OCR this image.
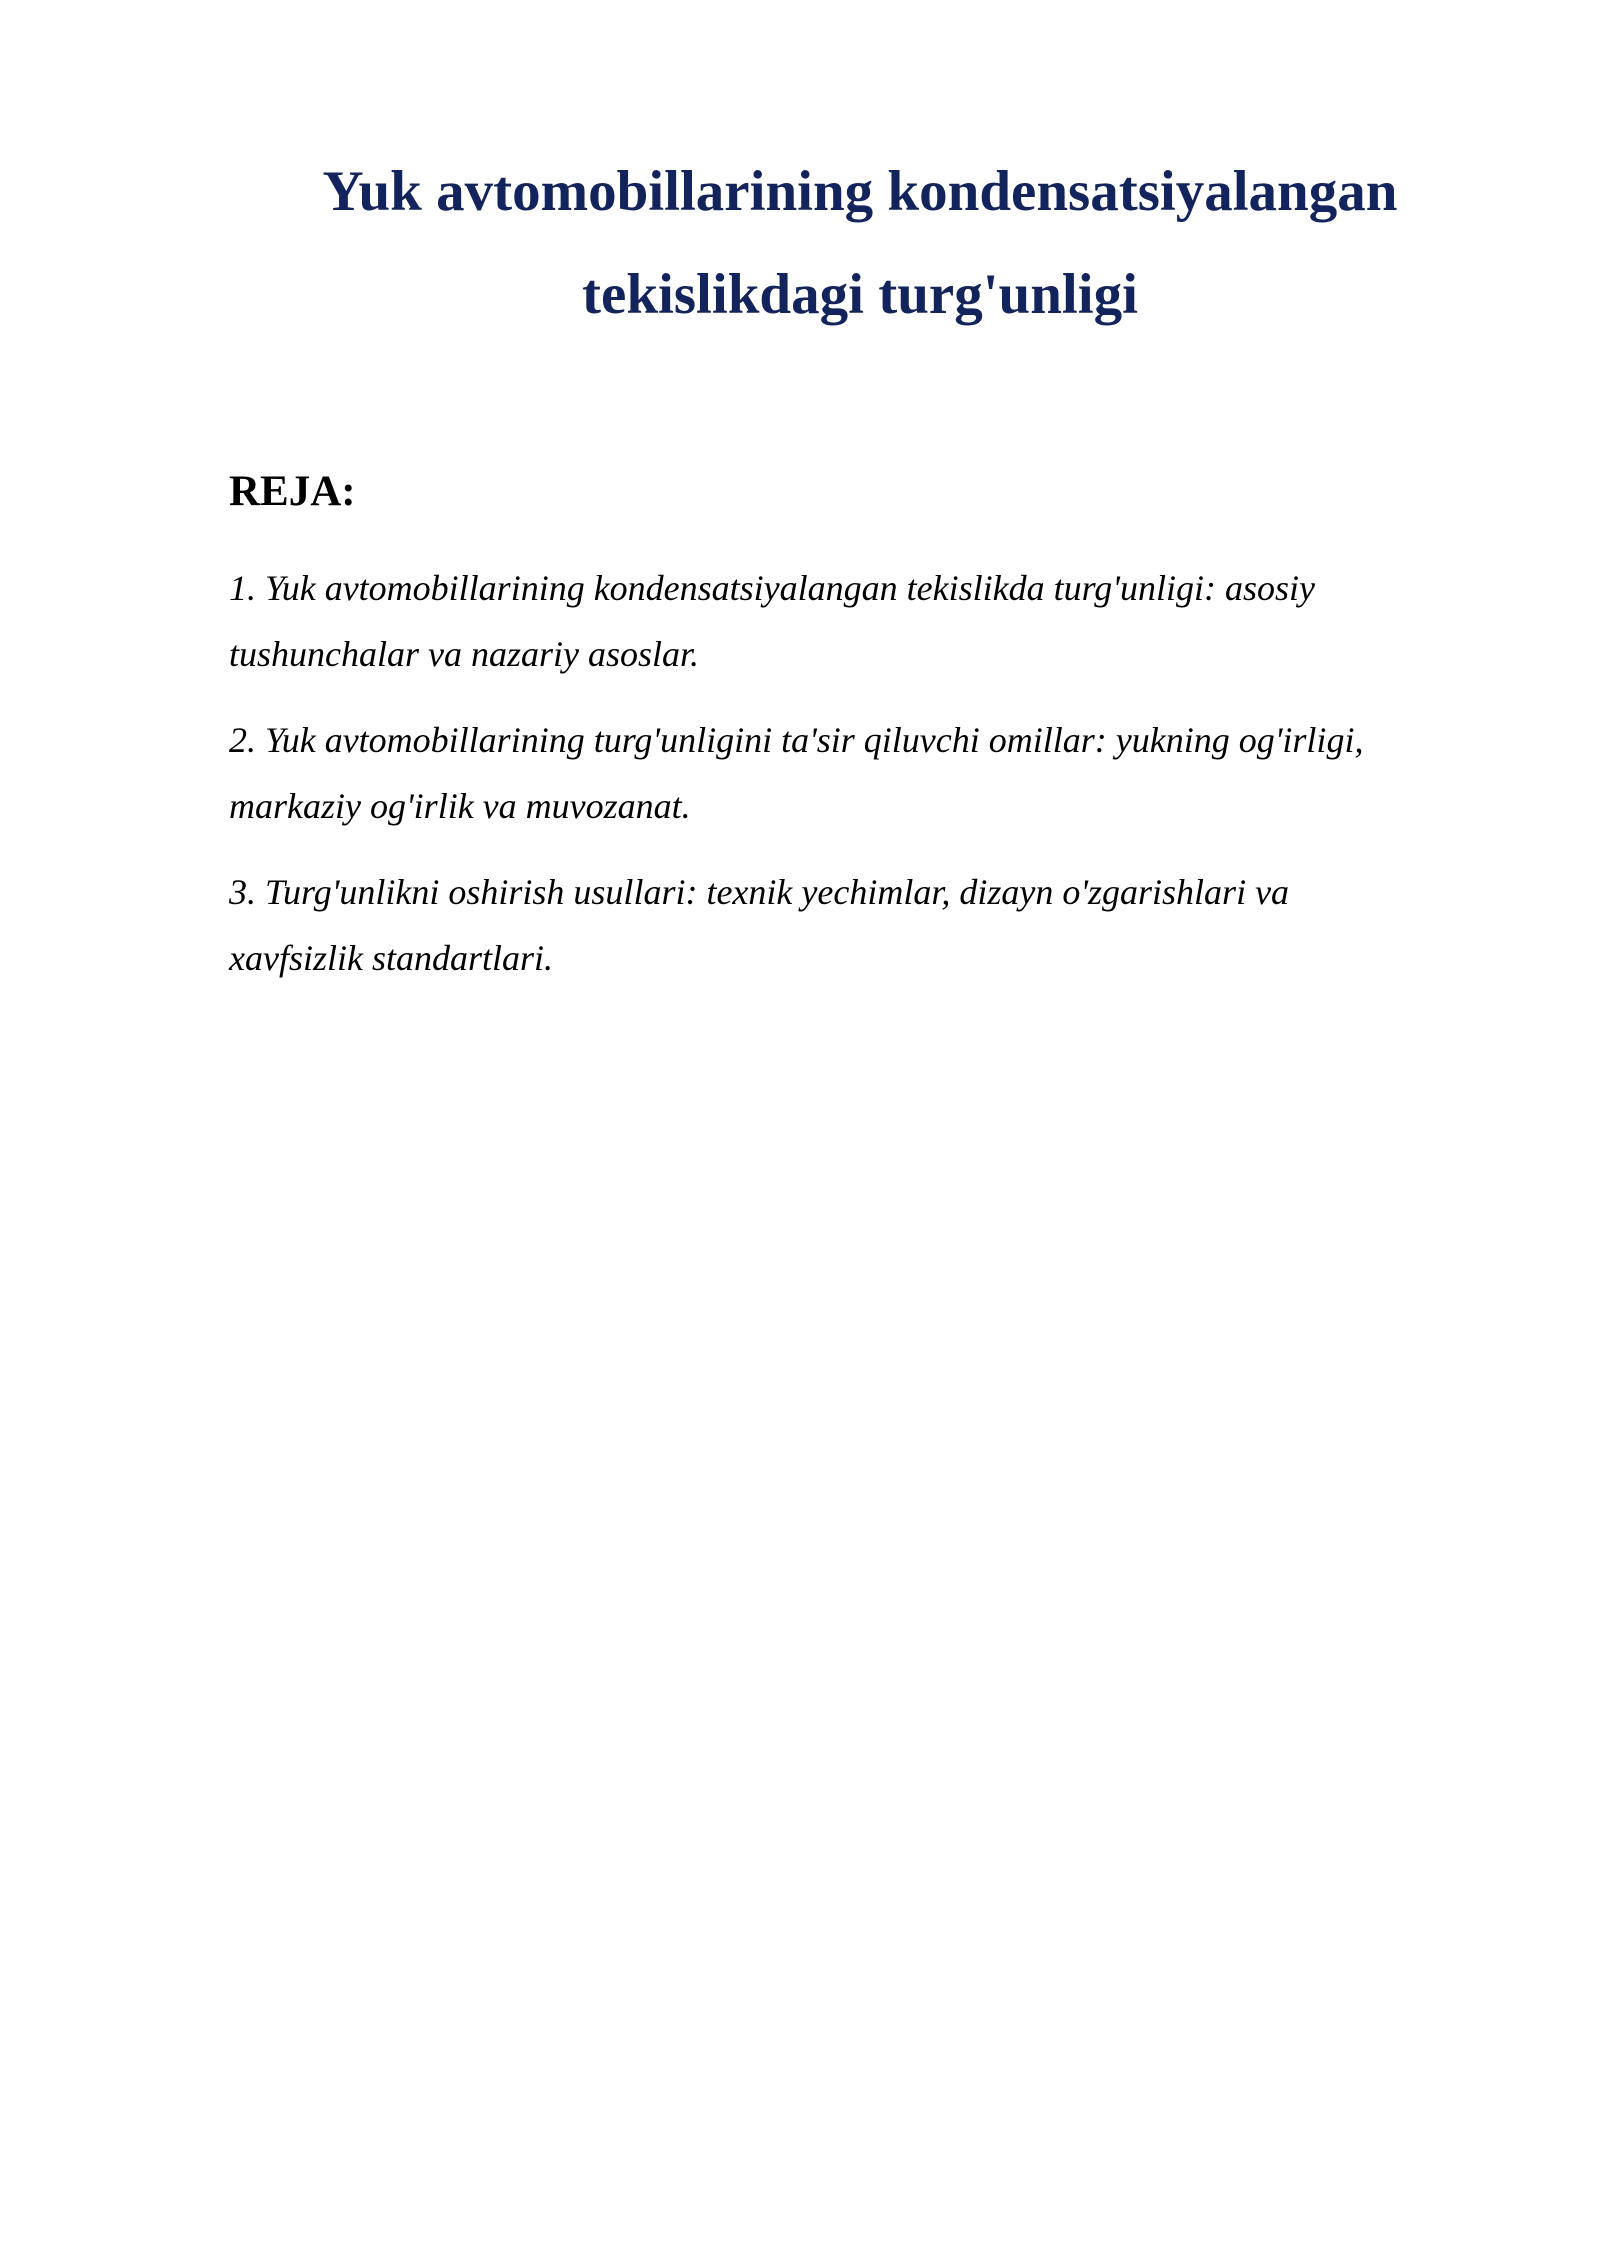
Yuk avtomobillarining kondensatsiyalangan tekislikdagi turg'unligi
REJA:
1. Yuk avtomobillarining kondensatsiyalangan tekislikda turg'unligi: asosiy tushunchalar va nazariy asoslar.
2. Yuk avtomobillarining turg'unligini ta'sir qiluvchi omillar: yukning og'irligi, markaziy og'irlik va muvozanat.
3. Turg'unlikni oshirish usullari: texnik yechimlar, dizayn o'zgarishlari va xavfsizlik standartlari.
